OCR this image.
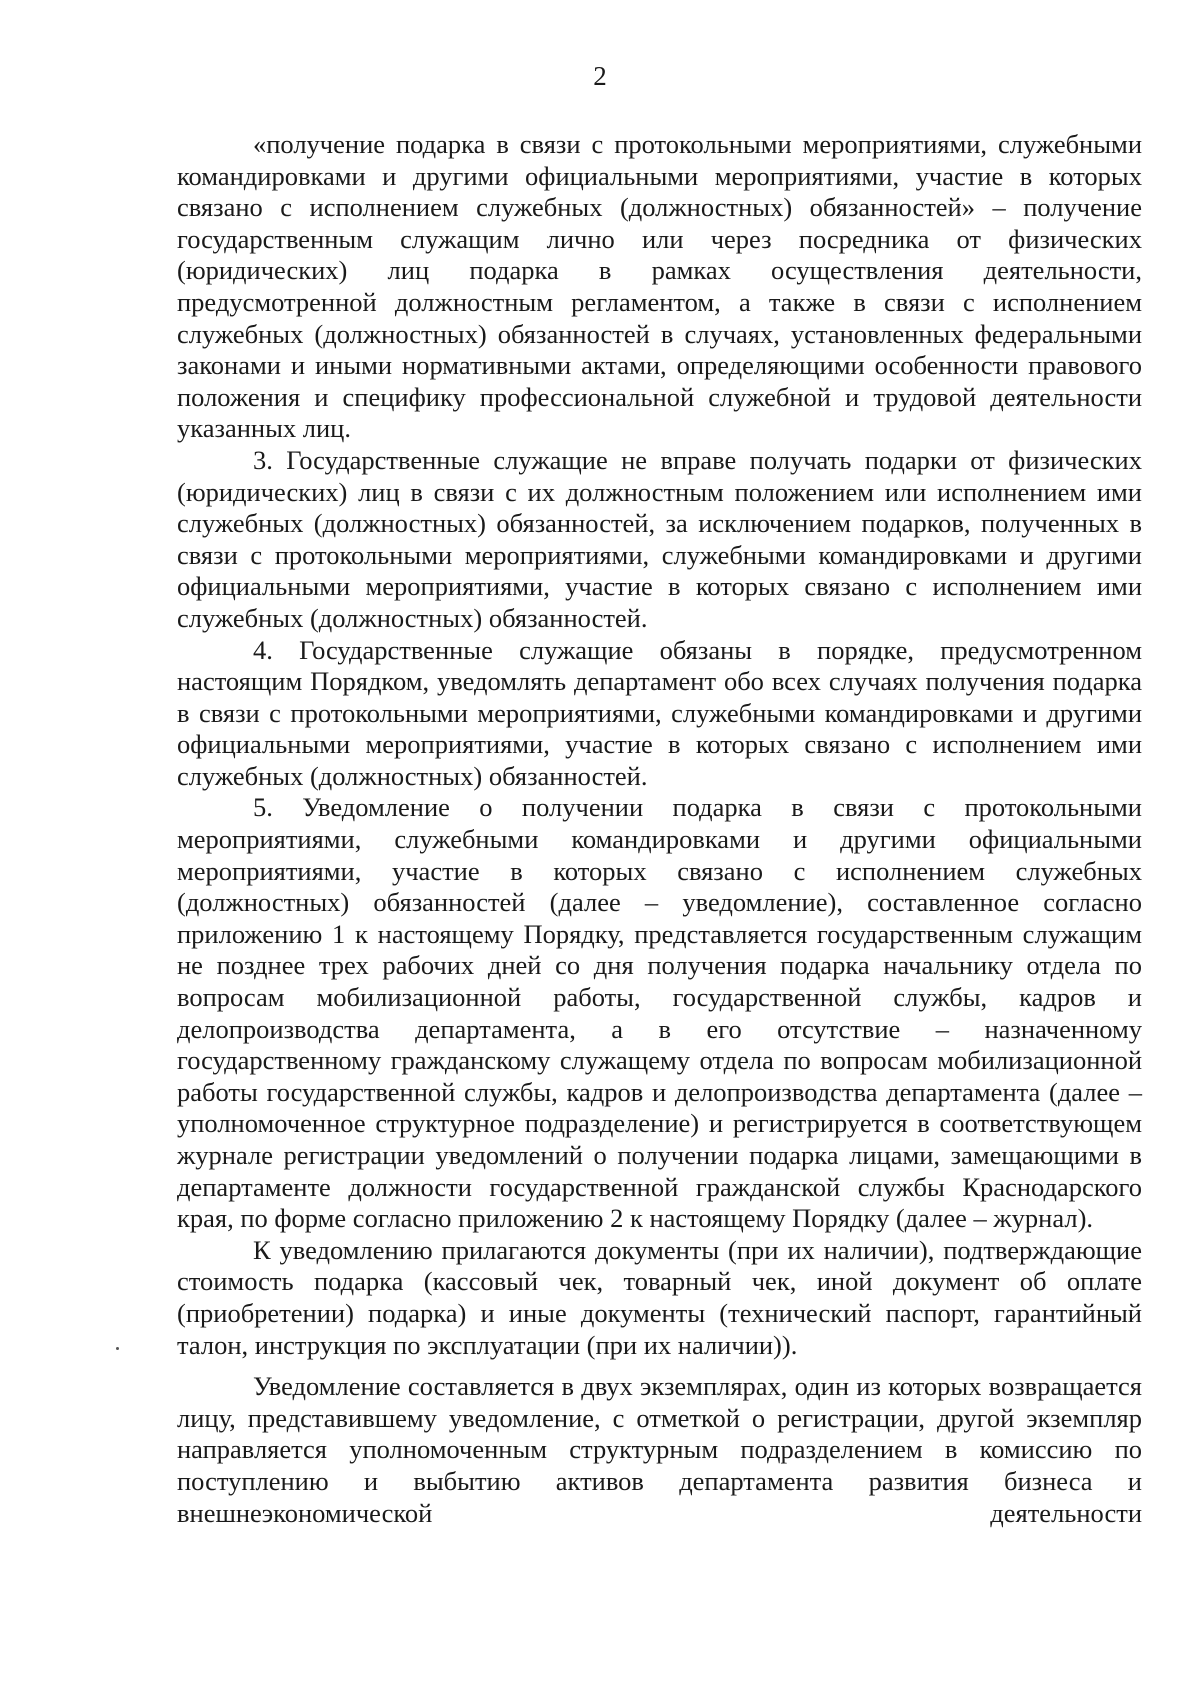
2

«получение подарка в связи с протокольными мероприятиями, служебными командировками и другими официальными мероприятиями, участие в которых связано с исполнением служебных (должностных) обязанностей» – получение государственным служащим лично или через посредника от физических (юридических) лиц подарка в рамках осуществления деятельности, предусмотренной должностным регламентом, а также в связи с исполнением служебных (должностных) обязанностей в случаях, установленных федеральными законами и иными нормативными актами, определяющими особенности правового положения и специфику профессиональной служебной и трудовой деятельности указанных лиц.

3. Государственные служащие не вправе получать подарки от физических (юридических) лиц в связи с их должностным положением или исполнением ими служебных (должностных) обязанностей, за исключением подарков, полученных в связи с протокольными мероприятиями, служебными командировками и другими официальными мероприятиями, участие в которых связано с исполнением ими служебных (должностных) обязанностей.

4. Государственные служащие обязаны в порядке, предусмотренном настоящим Порядком, уведомлять департамент обо всех случаях получения подарка в связи с протокольными мероприятиями, служебными командировками и другими официальными мероприятиями, участие в которых связано с исполнением ими служебных (должностных) обязанностей.

5. Уведомление о получении подарка в связи с протокольными мероприятиями, служебными командировками и другими официальными мероприятиями, участие в которых связано с исполнением служебных (должностных) обязанностей (далее – уведомление), составленное согласно приложению 1 к настоящему Порядку, представляется государственным служащим не позднее трех рабочих дней со дня получения подарка начальнику отдела по вопросам мобилизационной работы, государственной службы, кадров и делопроизводства департамента, а в его отсутствие – назначенному государственному гражданскому служащему отдела по вопросам мобилизационной работы государственной службы, кадров и делопроизводства департамента (далее – уполномоченное структурное подразделение) и регистрируется в соответствующем журнале регистрации уведомлений о получении подарка лицами, замещающими в департаменте должности государственной гражданской службы Краснодарского края, по форме согласно приложению 2 к настоящему Порядку (далее – журнал).

К уведомлению прилагаются документы (при их наличии), подтверждающие стоимость подарка (кассовый чек, товарный чек, иной документ об оплате (приобретении) подарка) и иные документы (технический паспорт, гарантийный талон, инструкция по эксплуатации (при их наличии)).

Уведомление составляется в двух экземплярах, один из которых возвращается лицу, представившему уведомление, с отметкой о регистрации, другой экземпляр направляется уполномоченным структурным подразделением в комиссию по поступлению и выбытию активов департамента развития бизнеса и внешнеэкономической деятельности
